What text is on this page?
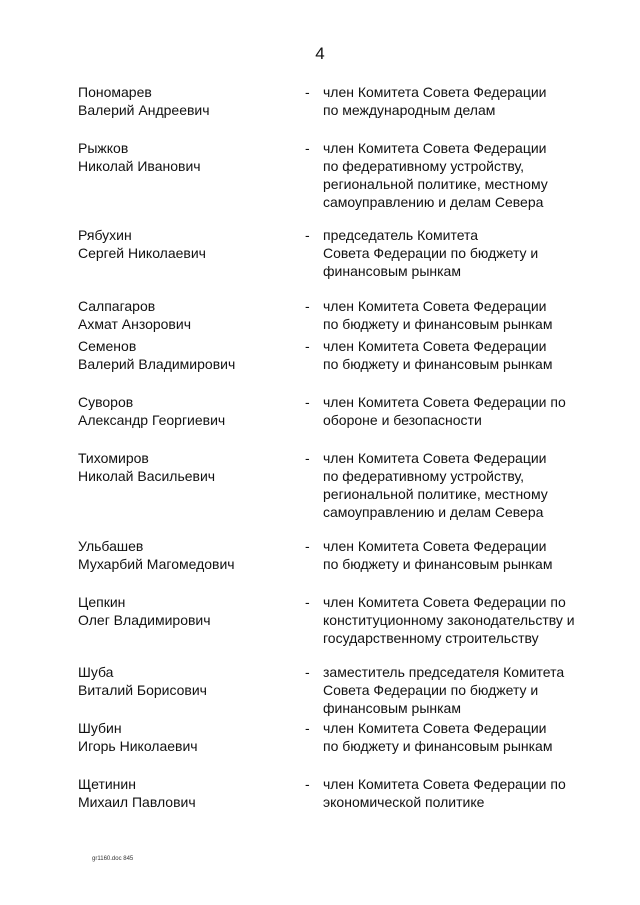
4
Пономарев
Валерий Андреевич
- член Комитета Совета Федерации
по международным делам
Рыжков
Николай Иванович
- член Комитета Совета Федерации
по федеративному устройству,
региональной политике, местному
самоуправлению и делам Севера
Рябухин
Сергей Николаевич
- председатель Комитета
Совета Федерации по бюджету и
финансовым рынкам
Салпагаров
Ахмат Анзорович
- член Комитета Совета Федерации
по бюджету и финансовым рынкам
Семенов
Валерий Владимирович
- член Комитета Совета Федерации
по бюджету и финансовым рынкам
Суворов
Александр Георгиевич
- член Комитета Совета Федерации по
обороне и безопасности
Тихомиров
Николай Васильевич
- член Комитета Совета Федерации
по федеративному устройству,
региональной политике, местному
самоуправлению и делам Севера
Ульбашев
Мухарбий Магомедович
- член Комитета Совета Федерации
по бюджету и финансовым рынкам
Цепкин
Олег Владимирович
- член Комитета Совета Федерации по
конституционному законодательству и
государственному строительству
Шуба
Виталий Борисович
- заместитель председателя Комитета
Совета Федерации по бюджету и
финансовым рынкам
Шубин
Игорь Николаевич
- член Комитета Совета Федерации
по бюджету и финансовым рынкам
Щетинин
Михаил Павлович
- член Комитета Совета Федерации по
экономической политике
gr1160.doc 845
